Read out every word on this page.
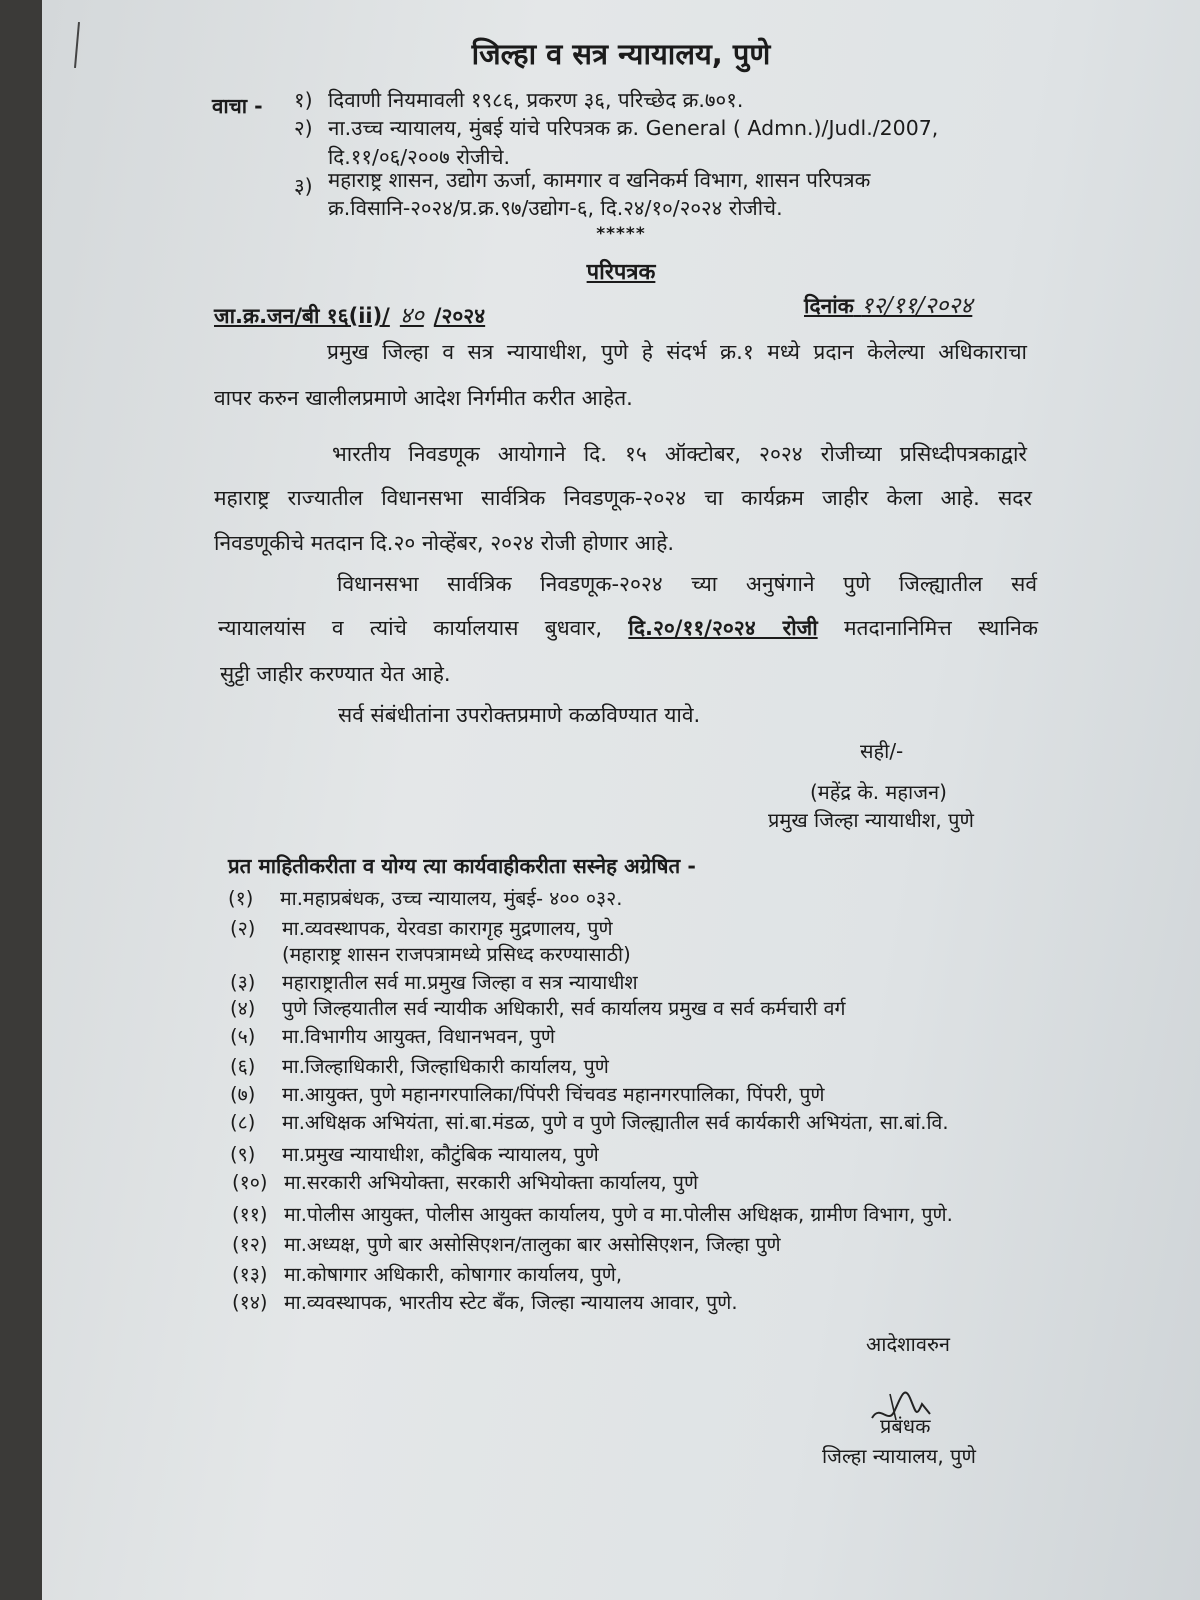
जिल्हा व सत्र न्यायालय, पुणे
वाचा - १) दिवाणी नियमावली १९८६, प्रकरण ३६, परिच्छेद क्र.७०१.
२) ना.उच्च न्यायालय, मुंबई यांचे परिपत्रक क्र. General ( Admn.)/Judl./2007,
दि.११/०६/२००७ रोजीचे.
३) महाराष्ट्र शासन, उद्योग ऊर्जा, कामगार व खनिकर्म विभाग, शासन परिपत्रक
क्र.विसानि-२०२४/प्र.क्र.९७/उद्योग-६, दि.२४/१०/२०२४ रोजीचे.
*****
परिपत्रक
जा.क्र.जन/बी १६(ii)/ ४० /२०२४	दिनांक १२/११/२०२४
प्रमुख जिल्हा व सत्र न्यायाधीश, पुणे हे संदर्भ क्र.१ मध्ये प्रदान केलेल्या अधिकाराचा
वापर करुन खालीलप्रमाणे आदेश निर्गमीत करीत आहेत.
भारतीय निवडणूक आयोगाने दि. १५ ऑक्टोबर, २०२४ रोजीच्या प्रसिध्दीपत्रकाद्वारे
महाराष्ट्र राज्यातील विधानसभा सार्वत्रिक निवडणूक-२०२४ चा कार्यक्रम जाहीर केला आहे. सदर
निवडणूकीचे मतदान दि.२० नोव्हेंबर, २०२४ रोजी होणार आहे.
विधानसभा सार्वत्रिक निवडणूक-२०२४ च्या अनुषंगाने पुणे जिल्ह्यातील सर्व
न्यायालयांस व त्यांचे कार्यालयास बुधवार, दि.२०/११/२०२४ रोजी मतदानानिमित्त स्थानिक
सुट्टी जाहीर करण्यात येत आहे.
सर्व संबंधीतांना उपरोक्तप्रमाणे कळविण्यात यावे.
सही/-
(महेंद्र के. महाजन)
प्रमुख जिल्हा न्यायाधीश, पुणे
प्रत माहितीकरीता व योग्य त्या कार्यवाहीकरीता सस्नेह अग्रेषित -
(१) मा.महाप्रबंधक, उच्च न्यायालय, मुंबई- ४०० ०३२.
(२) मा.व्यवस्थापक, येरवडा कारागृह मुद्रणालय, पुणे
(महाराष्ट्र शासन राजपत्रामध्ये प्रसिध्द करण्यासाठी)
(३) महाराष्ट्रातील सर्व मा.प्रमुख जिल्हा व सत्र न्यायाधीश
(४) पुणे जिल्हयातील सर्व न्यायीक अधिकारी, सर्व कार्यालय प्रमुख व सर्व कर्मचारी वर्ग
(५) मा.विभागीय आयुक्त, विधानभवन, पुणे
(६) मा.जिल्हाधिकारी, जिल्हाधिकारी कार्यालय, पुणे
(७) मा.आयुक्त, पुणे महानगरपालिका/पिंपरी चिंचवड महानगरपालिका, पिंपरी, पुणे
(८) मा.अधिक्षक अभियंता, सां.बा.मंडळ, पुणे व पुणे जिल्ह्यातील सर्व कार्यकारी अभियंता, सा.बां.वि.
(९) मा.प्रमुख न्यायाधीश, कौटुंबिक न्यायालय, पुणे
(१०) मा.सरकारी अभियोक्ता, सरकारी अभियोक्ता कार्यालय, पुणे
(११) मा.पोलीस आयुक्त, पोलीस आयुक्त कार्यालय, पुणे व मा.पोलीस अधिक्षक, ग्रामीण विभाग, पुणे.
(१२) मा.अध्यक्ष, पुणे बार असोसिएशन/तालुका बार असोसिएशन, जिल्हा पुणे
(१३) मा.कोषागार अधिकारी, कोषागार कार्यालय, पुणे,
(१४) मा.व्यवस्थापक, भारतीय स्टेट बँक, जिल्हा न्यायालय आवार, पुणे.
आदेशावरुन
प्रबंधक
जिल्हा न्यायालय, पुणे
